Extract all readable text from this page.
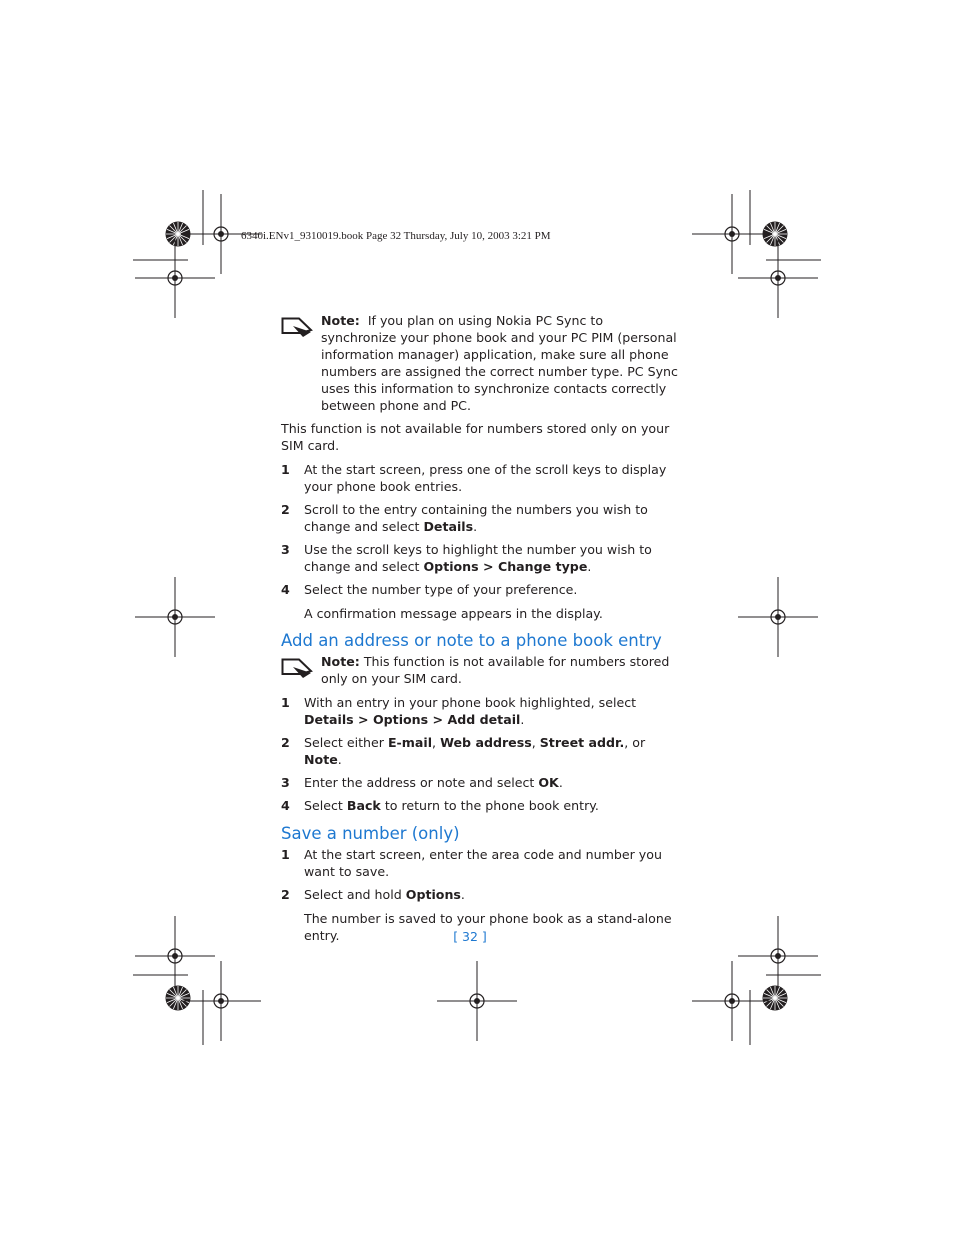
6340i.ENv1_9310019.book Page 32 Thursday, July 10, 2003 3:21 PM

Note: If you plan on using Nokia PC Sync to synchronize your phone book and your PC PIM (personal information manager) application, make sure all phone numbers are assigned the correct number type. PC Sync uses this information to synchronize contacts correctly between phone and PC.

This function is not available for numbers stored only on your SIM card.

1	At the start screen, press one of the scroll keys to display your phone book entries.
2	Scroll to the entry containing the numbers you wish to change and select Details.
3	Use the scroll keys to highlight the number you wish to change and select Options > Change type.
4	Select the number type of your preference.

A confirmation message appears in the display.

Add an address or note to a phone book entry

Note: This function is not available for numbers stored only on your SIM card.

1	With an entry in your phone book highlighted, select Details > Options > Add detail.
2	Select either E-mail, Web address, Street addr., or Note.
3	Enter the address or note and select OK.
4	Select Back to return to the phone book entry.
Save a number (only)
1	At the start screen, enter the area code and number you want to save.
2	Select and hold Options.

The number is saved to your phone book as a stand-alone entry.	[ 32 ]
